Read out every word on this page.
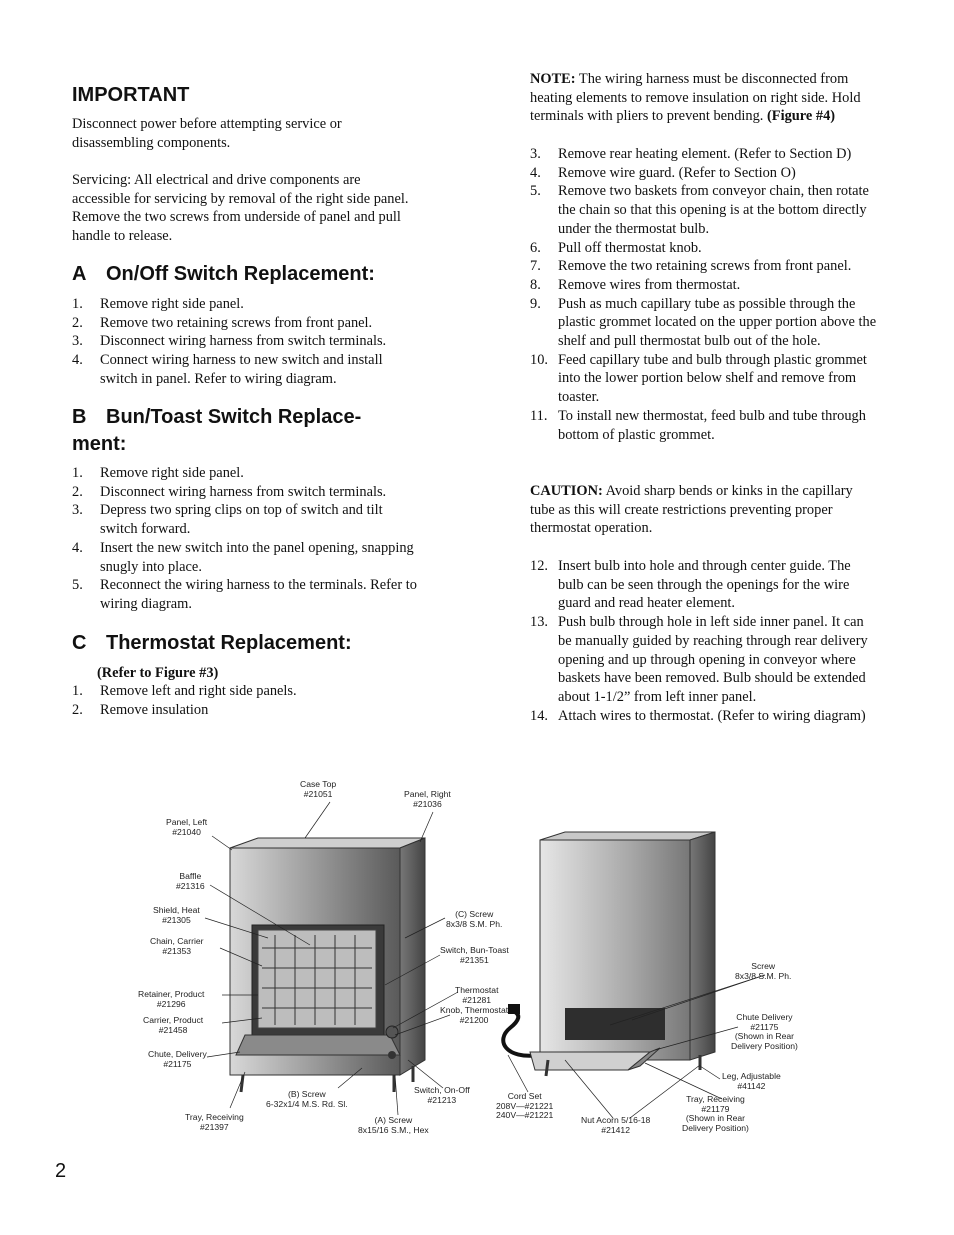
IMPORTANT

Disconnect power before attempting service or disassembling components.

Servicing: All electrical and drive components are accessible for servicing by removal of the right side panel. Remove the two screws from underside of panel and pull handle to release.

A On/Off Switch Replacement:
1. Remove right side panel.
2. Remove two retaining screws from front panel.
3. Disconnect wiring harness from switch terminals.
4. Connect wiring harness to new switch and install switch in panel. Refer to wiring diagram.
B Bun/Toast Switch Replace-
ment:
1. Remove right side panel.
2. Disconnect wiring harness from switch terminals.
3. Depress two spring clips on top of switch and tilt switch forward.
4. Insert the new switch into the panel opening, snapping snugly into place.
5. Reconnect the wiring harness to the terminals. Refer to wiring diagram.
C Thermostat Replacement:

(Refer to Figure #3)

1. Remove left and right side panels.
2. Remove insulation

NOTE: The wiring harness must be disconnected from heating elements to remove insulation on right side. Hold terminals with pliers to prevent bending. (Figure #4)

3. Remove rear heating element. (Refer to Section D)
4. Remove wire guard. (Refer to Section O)
5. Remove two baskets from conveyor chain, then rotate the chain so that this opening is at the bottom directly under the thermostat bulb.
6. Pull off thermostat knob.
7. Remove the two retaining screws from front panel.
8. Remove wires from thermostat.
9. Push as much capillary tube as possible through the plastic grommet located on the upper portion above the shelf and pull thermostat bulb out of the hole.
10. Feed capillary tube and bulb through plastic grommet into the lower portion below shelf and remove from toaster.
11. To install new thermostat, feed bulb and tube through bottom of plastic grommet.

CAUTION: Avoid sharp bends or kinks in the capillary tube as this will create restrictions preventing proper thermostat operation.

12. Insert bulb into hole and through center guide. The bulb can be seen through the openings for the wire guard and read heater element.
13. Push bulb through hole in left side inner panel. It can be manually guided by reaching through rear delivery opening and up through opening in conveyor where baskets have been removed. Bulb should be extended about 1-1/2” from left inner panel.
14. Attach wires to thermostat. (Refer to wiring diagram)
Case Top
#21051	Panel, Right
#21036
Panel, Left
#21040
Baffle
#21316
Shield, Heat
#21305
(C) Screw
8x3/8 S.M. Ph.
Chain, Carrier
#21353	Switch, Bun-Toast
#21351
Retainer, Product
#21296
Thermostat
#21281
Knob, Thermostat
#21200
Carrier, Product
#21458
Chute, Delivery
#21175
(B) Screw
6-32x1/4 M.S. Rd. Sl.
Switch, On-Off
#21213
Tray, Receiving
#21397
(A) Screw
8x15/16 S.M., Hex
Cord Set
208V—#21221
240V—#21221	Nut Acorn 5/16-18
#21412
Screw
8x3/8 S.M. Ph.
Chute Delivery
#21175
(Shown in Rear
Delivery Position)
Leg, Adjustable
#41142
Tray, Receiving
#21179
(Shown in Rear
Delivery Position)
2
